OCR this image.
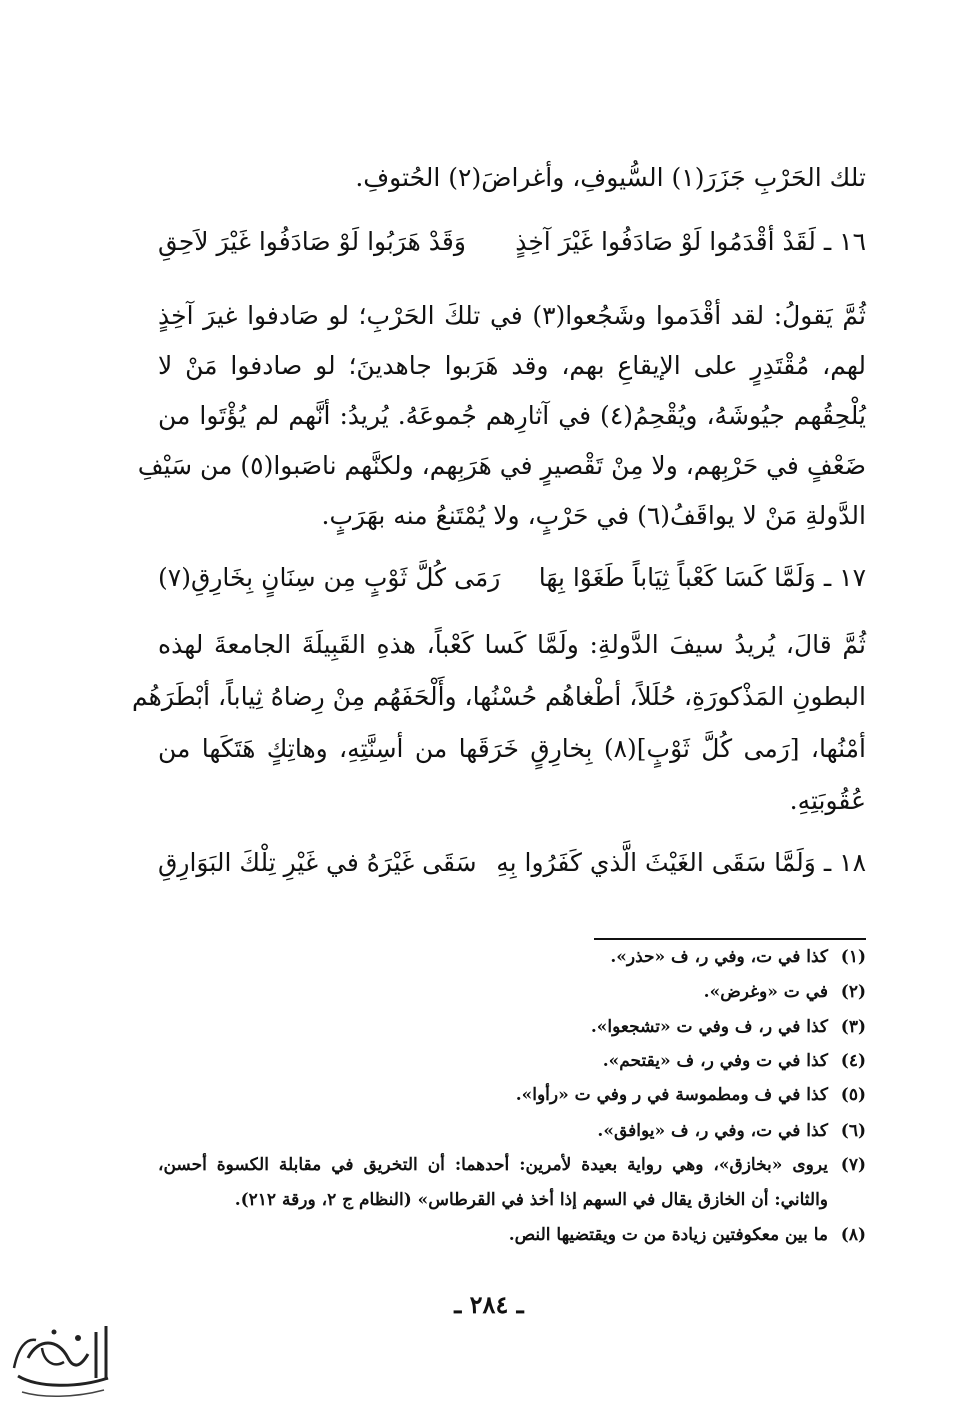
تلك الحَرْبِ جَزَرَ(١) السُّيوفِ، وأغراضَ(٢) الحُتوفِ.
١٦ ـ
لَقَدْ أقْدَمُوا لَوْ صَادَفُوا غَيْرَ آخِذٍ
وَقَدْ هَرَبُوا لَوْ صَادَفُوا غَيْرَ لاَحِقِ
ثُمَّ يَقولُ: لقد أقْدَموا وشَجُعوا(٣) في تلكَ الحَرْبِ؛ لو صَادفوا غيرَ آخِذٍ
لهم، مُقْتَدِرٍ على الإيقاعِ بهم، وقد هَرَبوا جاهدينَ؛ لو صادفوا مَنْ لا
يُلْحِقُهم جيُوشَهُ، ويُقْحِمُ(٤) في آثارِهم جُموعَهُ. يُريدُ: أنَّهم لم يُؤْتَوا من
ضَعْفٍ في حَرْبِهم، ولا مِنْ تَقْصيرٍ في هَرَبِهم، ولكنَّهم ناصَبوا(٥) من سَيْفِ
الدَّولةِ مَنْ لا يواقَفُ(٦) في حَرْبٍ، ولا يُمْتَنعُ منه بهَرَبٍ.
١٧ ـ
وَلَمَّا كَسَا كَعْباً ثِيَاباً طَغَوْا بِهَا
رَمَى كُلَّ ثَوْبٍ مِن سِنَانٍ بِخَارِقِ(٧)
ثُمَّ قالَ، يُريدُ سيفَ الدَّولةِ: ولَمَّا كَسا كَعْباً، هذهِ القَبِيلَةَ الجامعةَ لهذه
البطونِ المَذْكورَةِ، حُلَلاً، أطْغاهُم حُسْنُها، وأَلْحَفَهُم مِنْ رِضاهُ ثِياباً، أبْطَرَهُم
أمْنُها، [رَمى كُلَّ ثَوْبٍ](٨) بِخارِقٍ خَرَقَها من أسِنَّتِهِ، وهاتِكٍ هَتَكَها من
عُقُوبَتِهِ.
١٨ ـ
وَلَمَّا سَقَى الغَيْثَ الَّذي كَفَرُوا بِهِ
سَقَى غَيْرَهُ في غَيْرِ تِلْكَ البَوَارِقِ
(١)كذا في ت، وفي ر، ف «حذر».
(٢)في ت «وغرض».
(٣)كذا في ر، ف وفي ت «تشجعوا».
(٤)كذا في ت وفي ر، ف «يقتحم».
(٥)كذا في ف ومطموسة في ر وفي ت «رأوا».
(٦)كذا في ت، وفي ر، ف «يوافق».
(٧)يروى «بخازق»، وهي رواية بعيدة لأمرين: أحدهما: أن التخريق في مقابلة الكسوة أحسن،
والثاني: أن الخازق يقال في السهم إذا أخذ في القرطاس» (النظام ج ٢، ورقة ٢١٢).
(٨)ما بين معكوفتين زيادة من ت ويقتضيها النص.
ـ ٢٨٤ ـ
